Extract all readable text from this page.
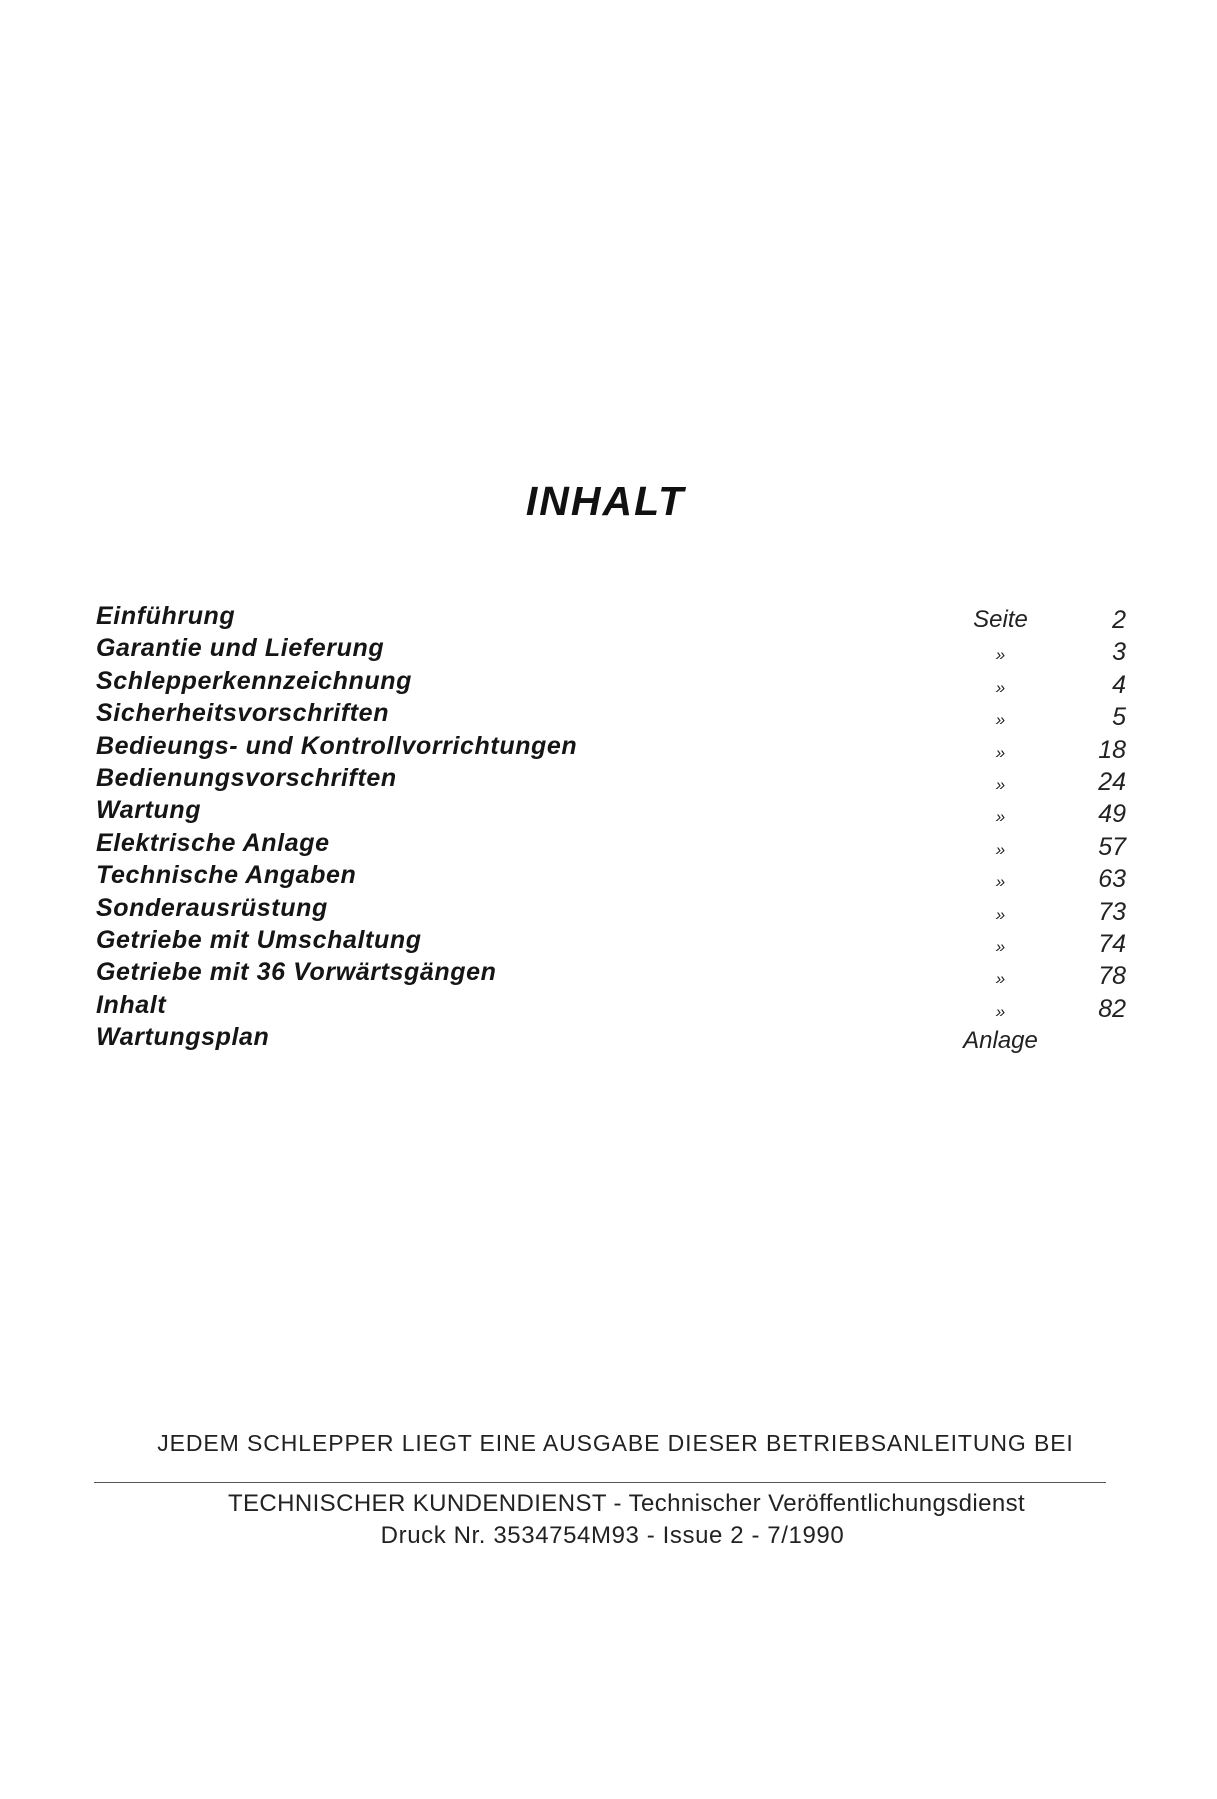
INHALT
Einführung	Seite	2
Garantie und Lieferung	»	3
Schlepperkennzeichnung	»	4
Sicherheitsvorschriften	»	5
Bedieungs- und Kontrollvorrichtungen	»	18
Bedienungsvorschriften	»	24
Wartung	»	49
Elektrische Anlage	»	57
Technische Angaben	»	63
Sonderausrüstung	»	73
Getriebe mit Umschaltung	»	74
Getriebe mit 36 Vorwärtsgängen	»	78
Inhalt	»	82
Wartungsplan	Anlage
JEDEM SCHLEPPER LIEGT EINE AUSGABE DIESER BETRIEBSANLEITUNG BEI
TECHNISCHER KUNDENDIENST - Technischer Veröffentlichungsdienst
Druck Nr. 3534754M93 - Issue 2 - 7/1990
